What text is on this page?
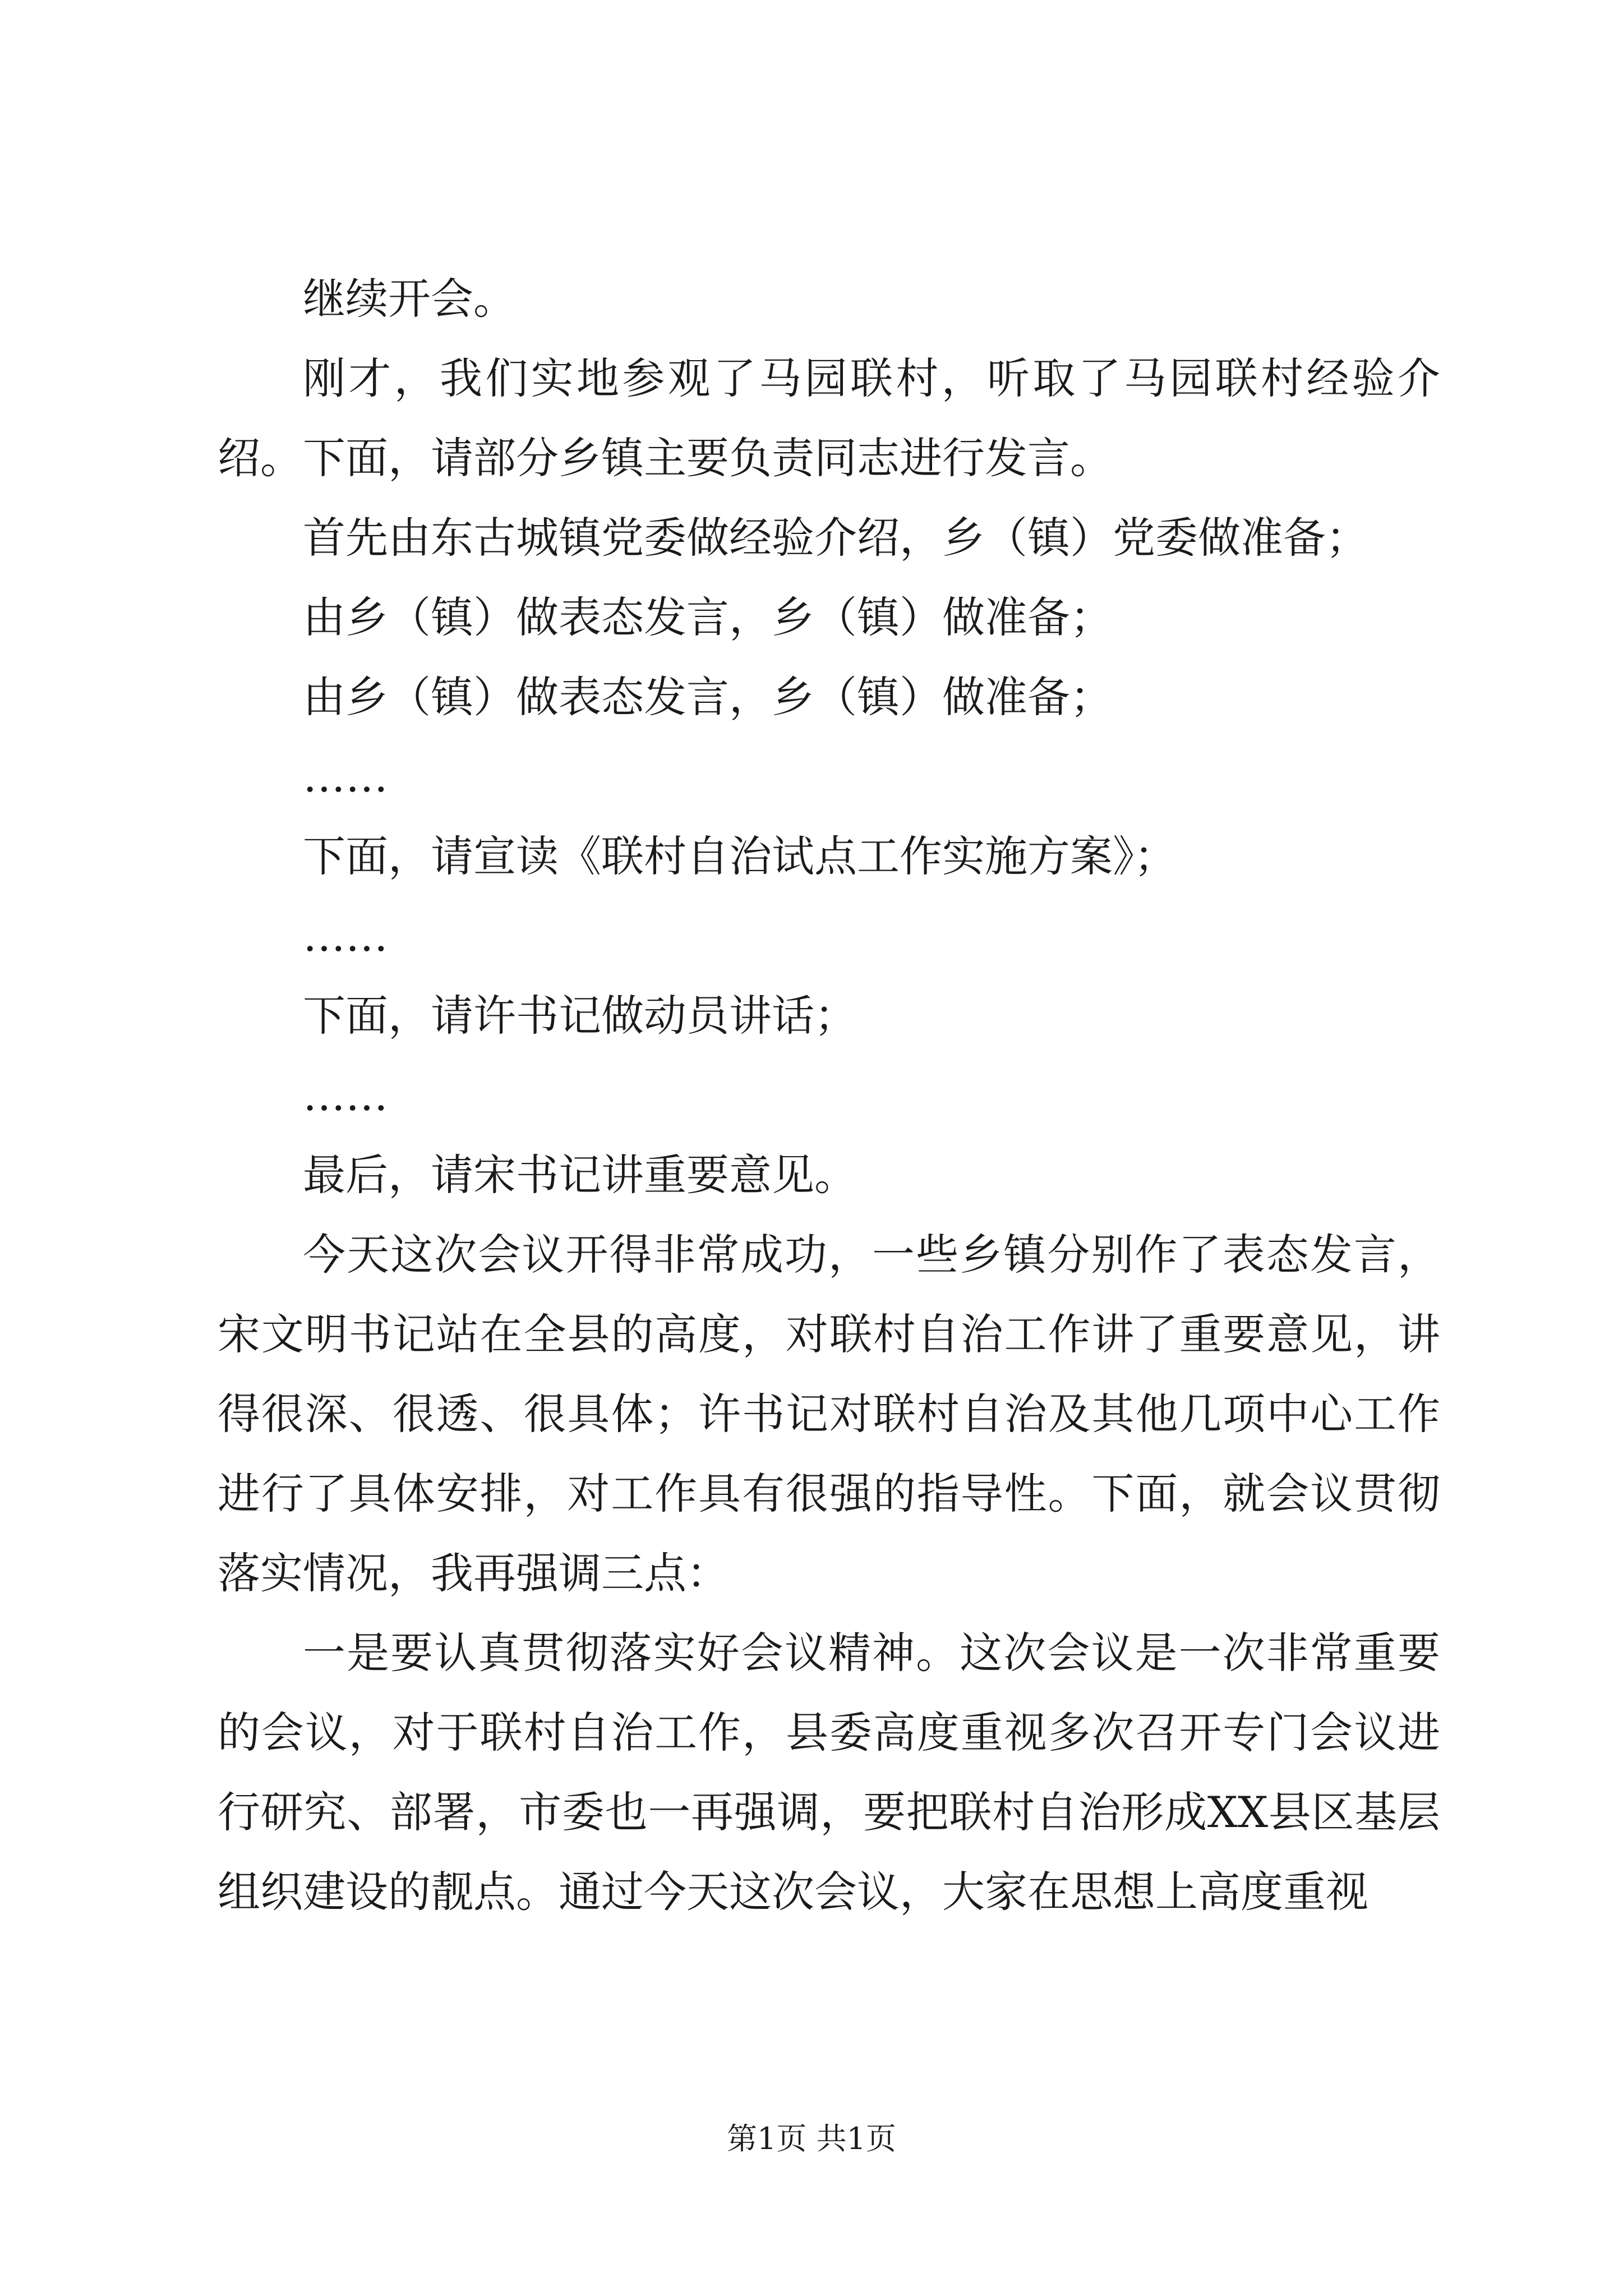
继续开会。

刚才，我们实地参观了马园联村，听取了马园联村经验介绍。下面，请部分乡镇主要负责同志进行发言。

首先由东古城镇党委做经验介绍，乡（镇）党委做准备；

由乡（镇）做表态发言，乡（镇）做准备；

由乡（镇）做表态发言，乡（镇）做准备；

……

下面，请宣读《联村自治试点工作实施方案》；

……

下面，请许书记做动员讲话；

……

最后，请宋书记讲重要意见。

今天这次会议开得非常成功，一些乡镇分别作了表态发言，宋文明书记站在全县的高度，对联村自治工作讲了重要意见，讲得很深、很透、很具体；许书记对联村自治及其他几项中心工作进行了具体安排，对工作具有很强的指导性。下面，就会议贯彻落实情况，我再强调三点：

一是要认真贯彻落实好会议精神。这次会议是一次非常重要的会议，对于联村自治工作，县委高度重视多次召开专门会议进行研究、部署，市委也一再强调，要把联村自治形成XX县区基层组织建设的靓点。通过今天这次会议，大家在思想上高度重视

第1页 共1页
